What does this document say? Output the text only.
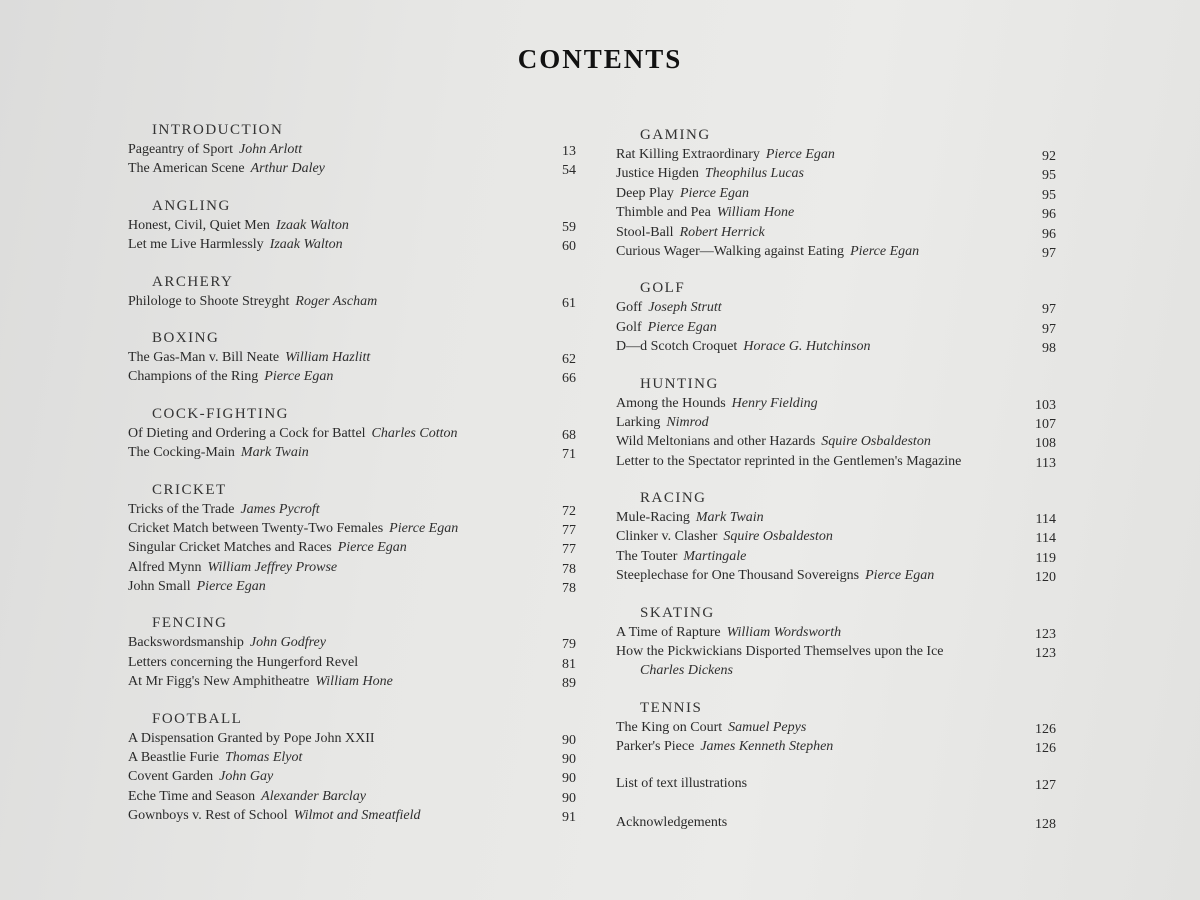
CONTENTS
INTRODUCTION
Pageantry of Sport John Arlott	13
The American Scene Arthur Daley	54
ANGLING
Honest, Civil, Quiet Men Izaak Walton	59
Let me Live Harmlessly Izaak Walton	60
ARCHERY
Philologe to Shoote Streyght Roger Ascham	61
BOXING
The Gas-Man v. Bill Neate William Hazlitt	62
Champions of the Ring Pierce Egan	66
COCK-FIGHTING
Of Dieting and Ordering a Cock for Battel Charles Cotton	68
The Cocking-Main Mark Twain	71
CRICKET
Tricks of the Trade James Pycroft	72
Cricket Match between Twenty-Two Females Pierce Egan	77
Singular Cricket Matches and Races Pierce Egan	77
Alfred Mynn William Jeffrey Prowse	78
John Small Pierce Egan	78
FENCING
Backswordsmanship John Godfrey	79
Letters concerning the Hungerford Revel	81
At Mr Figg's New Amphitheatre William Hone	89
FOOTBALL
A Dispensation Granted by Pope John XXII	90
A Beastlie Furie Thomas Elyot	90
Covent Garden John Gay	90
Eche Time and Season Alexander Barclay	90
Gownboys v. Rest of School Wilmot and Smeatfield	91
GAMING
Rat Killing Extraordinary Pierce Egan	92
Justice Higden Theophilus Lucas	95
Deep Play Pierce Egan	95
Thimble and Pea William Hone	96
Stool-Ball Robert Herrick	96
Curious Wager—Walking against Eating Pierce Egan	97
GOLF
Goff Joseph Strutt	97
Golf Pierce Egan	97
D—d Scotch Croquet Horace G. Hutchinson	98
HUNTING
Among the Hounds Henry Fielding	103
Larking Nimrod	107
Wild Meltonians and other Hazards Squire Osbaldeston	108
Letter to the Spectator reprinted in the Gentlemen's Magazine	113
RACING
Mule-Racing Mark Twain	114
Clinker v. Clasher Squire Osbaldeston	114
The Touter Martingale	119
Steeplechase for One Thousand Sovereigns Pierce Egan	120
SKATING
A Time of Rapture William Wordsworth	123
How the Pickwickians Disported Themselves upon the Ice	123
Charles Dickens
TENNIS
The King on Court Samuel Pepys	126
Parker's Piece James Kenneth Stephen	126
List of text illustrations	127
Acknowledgements	128
